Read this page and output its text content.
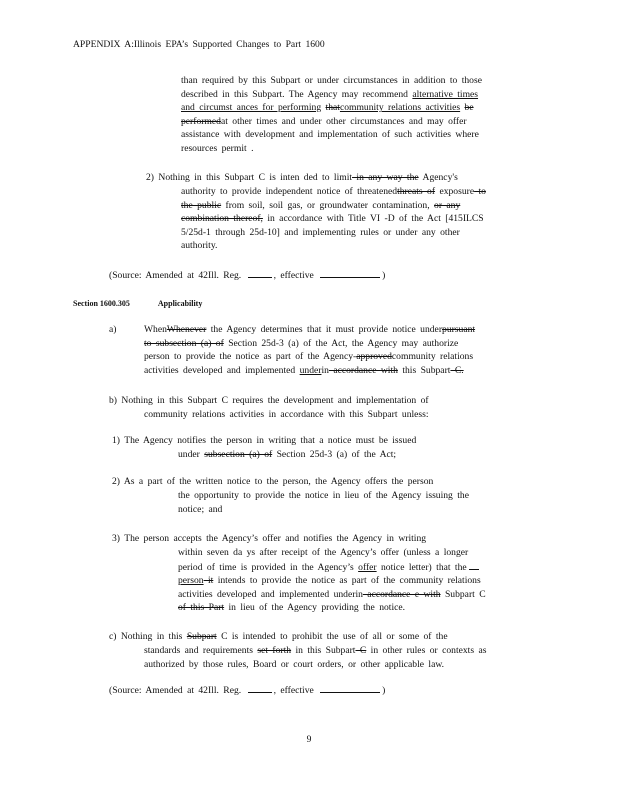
APPENDIX A:Illinois EPA’s Supported Changes to Part 1600
than required by this Subpart or under circumstances in addition to those
described in this Subpart. The Agency may recommend alternative times
and circumst ances for performing thatcommunity relations activities be
performedat other times and under other circumstances and may offer
assistance with development and implementation of such activities where
resources permit .
2) Nothing in this Subpart C is inten ded to limit in any way the Agency's
authority to provide independent notice of threatenedthreats of exposure to
the public from soil, soil gas, or groundwater contamination, or any
combination thereof, in accordance with Title VI -D of the Act [415ILCS
5/25d-1 through 25d-10] and implementing rules or under any other
authority.
(Source: Amended at 42Ill. Reg.	, effective	)
Section 1600.305	Applicability
a)	WhenWhenever the Agency determines that it must provide notice underpursuant
to subsection (a) of Section 25d-3 (a) of the Act, the Agency may authorize
person to provide the notice as part of the Agency-approvedcommunity relations
activities developed and implemented underin accordance with this Subpart C.
b) Nothing in this Subpart C requires the development and implementation of
community relations activities in accordance with this Subpart unless:
1) The Agency notifies the person in writing that a notice must be issued
under subsection (a) of Section 25d-3 (a) of the Act;
2) As a part of the written notice to the person, the Agency offers the person
the opportunity to provide the notice in lieu of the Agency issuing the
notice; and
3) The person accepts the Agency’s offer and notifies the Agency in writing
within seven da ys after receipt of the Agency’s offer (unless a longer
period of time is provided in the Agency’s offer notice letter) that the
person it intends to provide the notice as part of the community relations
activities developed and implemented underin accordance e with Subpart C
of this Part in lieu of the Agency providing the notice.
c) Nothing in this Subpart C is intended to prohibit the use of all or some of the
standards and requirements set forth in this Subpart C in other rules or contexts as
authorized by those rules, Board or court orders, or other applicable law.
(Source: Amended at 42Ill. Reg.	, effective	)
9
